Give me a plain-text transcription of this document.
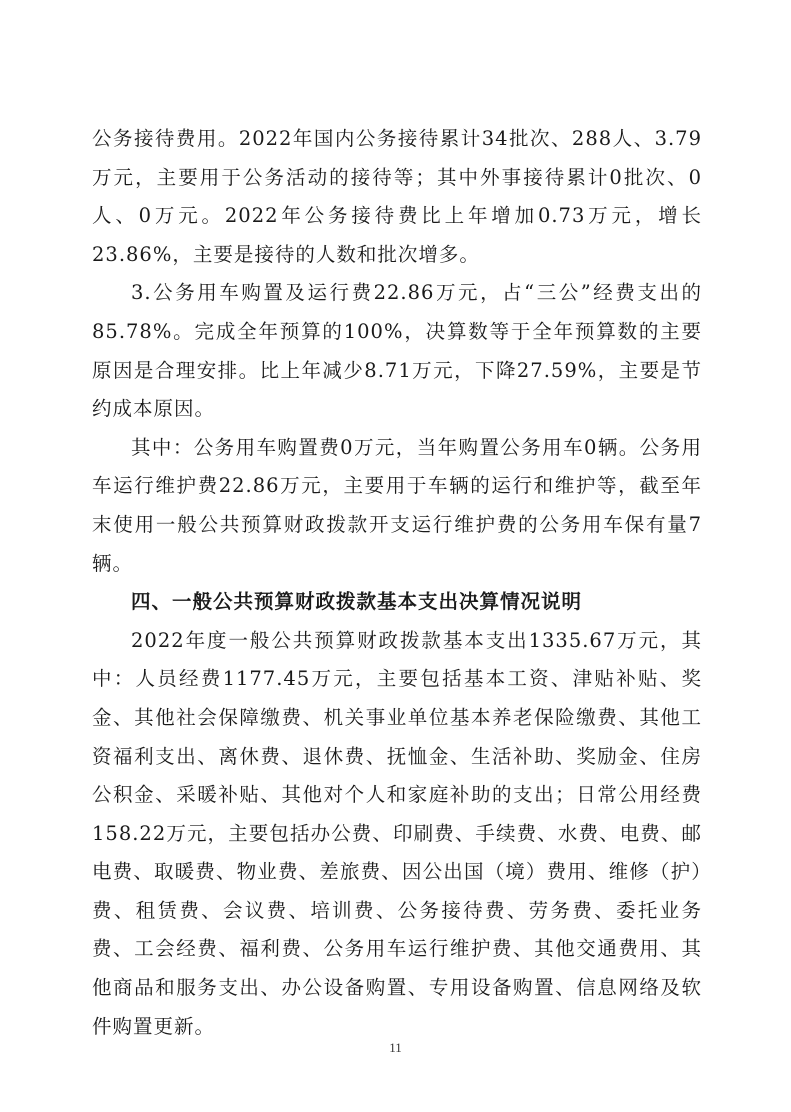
公务接待费用。2022年国内公务接待累计34批次、288人、3.79万元，主要用于公务活动的接待等；其中外事接待累计0批次、0人、0万元。2022年公务接待费比上年增加0.73万元，增长23.86%，主要是接待的人数和批次增多。

3.公务用车购置及运行费22.86万元，占“三公”经费支出的85.78%。完成全年预算的100%，决算数等于全年预算数的主要原因是合理安排。比上年减少8.71万元，下降27.59%，主要是节约成本原因。

其中：公务用车购置费0万元，当年购置公务用车0辆。公务用车运行维护费22.86万元，主要用于车辆的运行和维护等，截至年末使用一般公共预算财政拨款开支运行维护费的公务用车保有量7辆。

四、一般公共预算财政拨款基本支出决算情况说明

2022年度一般公共预算财政拨款基本支出1335.67万元，其中：人员经费1177.45万元，主要包括基本工资、津贴补贴、奖金、其他社会保障缴费、机关事业单位基本养老保险缴费、其他工资福利支出、离休费、退休费、抚恤金、生活补助、奖励金、住房公积金、采暖补贴、其他对个人和家庭补助的支出；日常公用经费158.22万元，主要包括办公费、印刷费、手续费、水费、电费、邮电费、取暖费、物业费、差旅费、因公出国（境）费用、维修（护）费、租赁费、会议费、培训费、公务接待费、劳务费、委托业务费、工会经费、福利费、公务用车运行维护费、其他交通费用、其他商品和服务支出、办公设备购置、专用设备购置、信息网络及软件购置更新。

11
